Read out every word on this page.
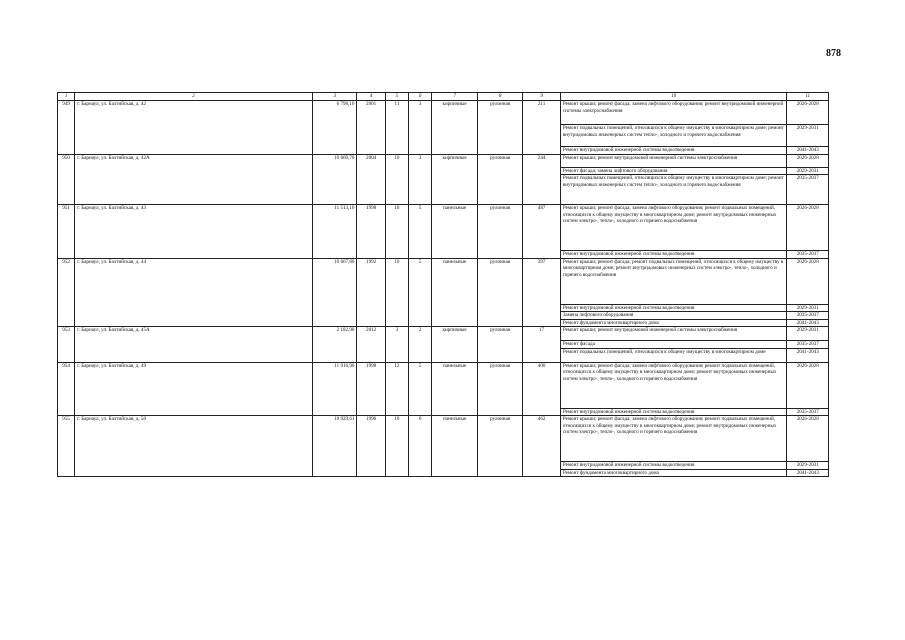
878
1	2	3	4	5	6	7	8	9	10	11
949	г. Барнаул, ул. Балтийская, д. 42	6 798,10	2001	11	3	кирпичные	рулонная	211	Ремонт крыши; ремонт фасада; замена лифтового оборудования; ремонт внутридомовой инженерной системы электроснабжения	2026-2028
									Ремонт подвальных помещений, относящихся к общему имуществу в многоквартирном доме; ремонт внутридомовых инженерных систем тепло-, холодного и горячего водоснабжения	2029-2031
									Ремонт внутридомовой инженерной системы водоотведения	2041-2043
950	г. Барнаул, ул. Балтийская, д. 42А	10 669,70	2004	10	3	кирпичные	рулонная	244	Ремонт крыши; ремонт внутридомовой инженерной системы электроснабжения	2026-2028
									Ремонт фасада; замена лифтового оборудования	2029-2031
									Ремонт подвальных помещений, относящихся к общему имуществу в многоквартирном доме; ремонт внутридомовых инженерных систем тепло-, холодного и горячего водоснабжения	2035-2037
951	г. Барнаул, ул. Балтийская, д. 43	11 513,10	1998	10	5	панельные	рулонная	487	Ремонт крыши; ремонт фасада; замена лифтового оборудования; ремонт подвальных помещений, относящихся к общему имуществу в многоквартирном доме; ремонт внутридомовых инженерных систем электро-, тепло-, холодного и горячего водоснабжения	2026-2028
									Ремонт внутридомовой инженерной системы водоотведения	2035-2037
952	г. Барнаул, ул. Балтийская, д. 44	10 667,80	1992	10	5	панельные	рулонная	397	Ремонт крыши; ремонт фасада; ремонт подвальных помещений, относящихся к общему имуществу в многоквартирном доме; ремонт внутридомовых инженерных систем электро-, тепло-, холодного и горячего водоснабжения	2026-2028
									Ремонт внутридомовой инженерной системы водоотведения	2029-2031
									Замена лифтового оборудования	2035-2037
									Ремонт фундамента многоквартирного дома	2041-2043
953	г. Барнаул, ул. Балтийская, д. 45А	2 182,90	2012	3	2	кирпичные	рулонная	17	Ремонт крыши; ремонт внутридомовой инженерной системы электроснабжения	2029-2031
									Ремонт фасада	2035-2037
									Ремонт подвальных помещений, относящихся к общему имуществу в многоквартирном доме	2041-2043
954	г. Барнаул, ул. Балтийская, д. 49	11 916,90	1998	12	5	панельные	рулонная	400	Ремонт крыши; ремонт фасада; замена лифтового оборудования; ремонт подвальных помещений, относящихся к общему имуществу в многоквартирном доме; ремонт внутридомовых инженерных систем электро-, тепло-, холодного и горячего водоснабжения	2026-2028
									Ремонт внутридомовой инженерной системы водоотведения	2035-2037
955	г. Барнаул, ул. Балтийская, д. 50	10 929,61	1996	10	6	панельные	рулонная	462	Ремонт крыши; ремонт фасада; замена лифтового оборудования; ремонт подвальных помещений, относящихся к общему имуществу в многоквартирном доме; ремонт внутридомовых инженерных систем электро-, тепло-, холодного и горячего водоснабжения	2026-2028
									Ремонт внутридомовой инженерной системы водоотведения	2029-2031
									Ремонт фундамента многоквартирного дома	2041-2043
